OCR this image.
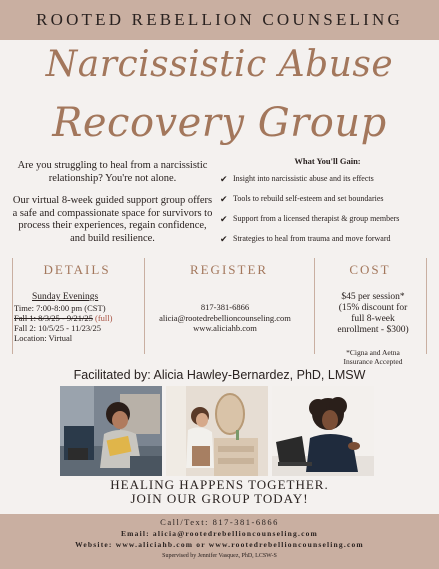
ROOTED REBELLION COUNSELING
Narcissistic Abuse
Recovery Group

Are you struggling to heal from a narcissistic relationship? You're not alone.

Our virtual 8-week guided support group offers a safe and compassionate space for survivors to process their experiences, regain confidence, and build resilience.

What You'll Gain:
✔ Insight into narcissistic abuse and its effects
✔ Tools to rebuild self-esteem and set boundaries
✔ Support from a licensed therapist & group members
✔ Strategies to heal from trauma and move forward
DETAILS	REGISTER	COST
Sunday Evenings
Time: 7:00-8:00 pm (CST)
Fall 1: 8/3/25 - 9/21/25 (full)
Fall 2: 10/5/25 - 11/23/25
Location: Virtual
817-381-6866
alicia@rootedrebellioncounseling.com
www.aliciahb.com
$45 per session*
(15% discount for
full 8-week
enrollment - $300)
*Cigna and Aetna
Insurance Accepted
Facilitated by: Alicia Hawley-Bernardez, PhD, LMSW
HEALING HAPPENS TOGETHER.
JOIN OUR GROUP TODAY!
Call/Text: 817-381-6866
Email: alicia@rootedrebellioncounseling.com
Website: www.aliciahb.com or www.rootedrebellioncounseling.com
Supervised by Jennifer Vasquez, PhD, LCSW-S
